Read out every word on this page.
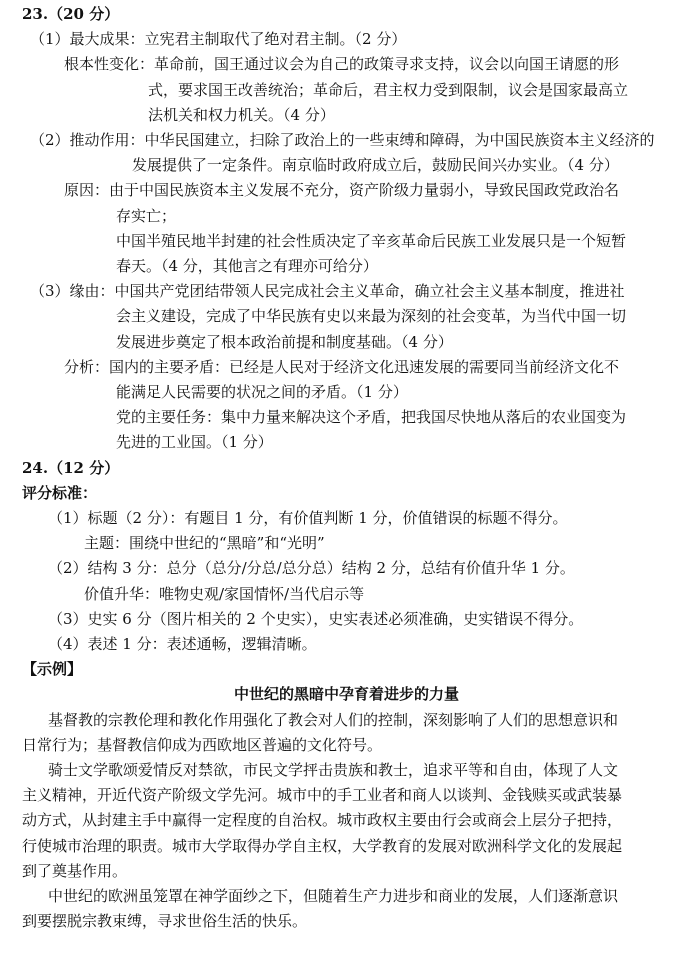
23.（20 分）
（1）最大成果：立宪君主制取代了绝对君主制。（2 分）
根本性变化：革命前，国王通过议会为自己的政策寻求支持，议会以向国王请愿的形
式，要求国王改善统治；革命后，君主权力受到限制，议会是国家最高立
法机关和权力机关。（4 分）
（2）推动作用：中华民国建立，扫除了政治上的一些束缚和障碍，为中国民族资本主义经济的
发展提供了一定条件。南京临时政府成立后，鼓励民间兴办实业。（4 分）
原因：由于中国民族资本主义发展不充分，资产阶级力量弱小，导致民国政党政治名
存实亡；
中国半殖民地半封建的社会性质决定了辛亥革命后民族工业发展只是一个短暂
春天。（4 分，其他言之有理亦可给分）
（3）缘由：中国共产党团结带领人民完成社会主义革命，确立社会主义基本制度，推进社
会主义建设，完成了中华民族有史以来最为深刻的社会变革，为当代中国一切
发展进步奠定了根本政治前提和制度基础。（4 分）
分析：国内的主要矛盾：已经是人民对于经济文化迅速发展的需要同当前经济文化不
能满足人民需要的状况之间的矛盾。（1 分）
党的主要任务：集中力量来解决这个矛盾，把我国尽快地从落后的农业国变为
先进的工业国。（1 分）
24.（12 分）
评分标准：
（1）标题（2 分）：有题目 1 分，有价值判断 1 分，价值错误的标题不得分。
主题：围绕中世纪的“黑暗”和“光明”
（2）结构 3 分：总分（总分/分总/总分总）结构 2 分，总结有价值升华 1 分。
价值升华：唯物史观/家国情怀/当代启示等
（3）史实 6 分（图片相关的 2 个史实），史实表述必须准确，史实错误不得分。
（4）表述 1 分：表述通畅，逻辑清晰。
【示例】
中世纪的黑暗中孕育着进步的力量
基督教的宗教伦理和教化作用强化了教会对人们的控制，深刻影响了人们的思想意识和
日常行为；基督教信仰成为西欧地区普遍的文化符号。
骑士文学歌颂爱情反对禁欲，市民文学抨击贵族和教士，追求平等和自由，体现了人文
主义精神，开近代资产阶级文学先河。城市中的手工业者和商人以谈判、金钱赎买或武装暴
动方式，从封建主手中赢得一定程度的自治权。城市政权主要由行会或商会上层分子把持，
行使城市治理的职责。城市大学取得办学自主权，大学教育的发展对欧洲科学文化的发展起
到了奠基作用。
中世纪的欧洲虽笼罩在神学面纱之下，但随着生产力进步和商业的发展，人们逐渐意识
到要摆脱宗教束缚，寻求世俗生活的快乐。
